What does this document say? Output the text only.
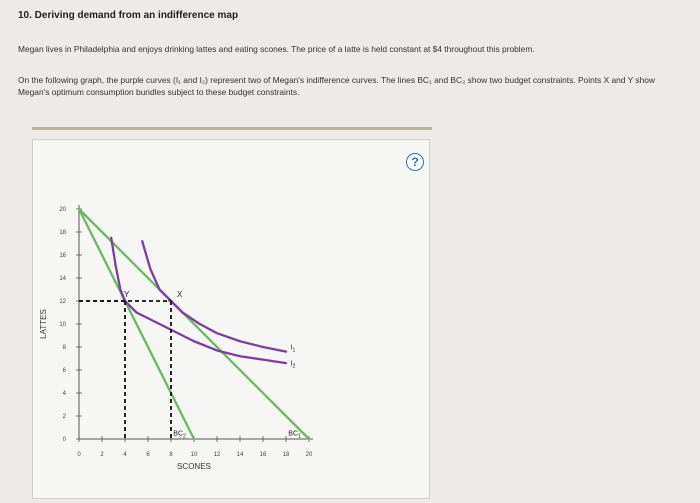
10. Deriving demand from an indifference map
Megan lives in Philadelphia and enjoys drinking lattes and eating scones. The price of a latte is held constant at $4 throughout this problem.
On the following graph, the purple curves (I₁ and I₂) represent two of Megan's indifference curves. The lines BC₁ and BC₂ show two budget constraints. Points X and Y show Megan's optimum consumption bundles subject to these budget constraints.
?
0
2
4
6
8
10
12
14
16
18
20
0	2	4	6	8	10	12	14	16	18	20
SCONES
LATTES
+
X
+
Y
$I_1$
$I_2$
$BC_2$	$BC_1$
